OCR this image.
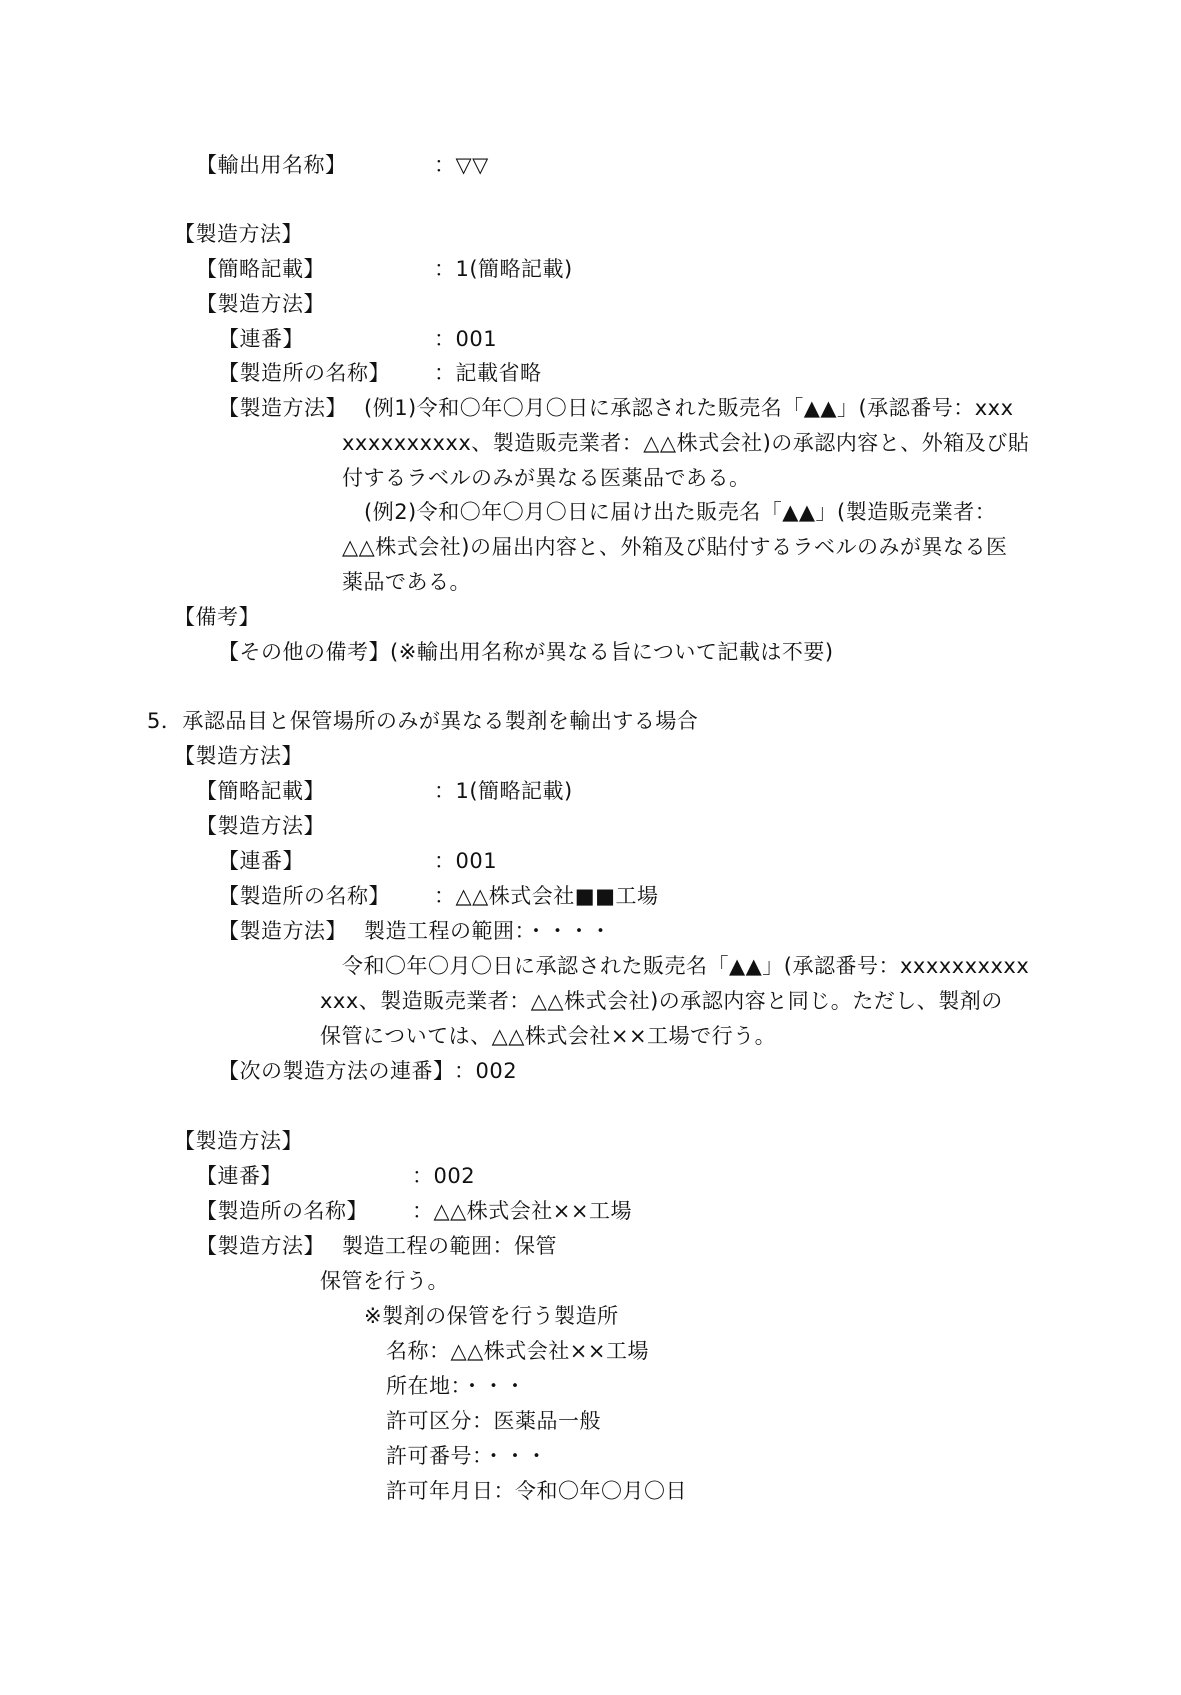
【輸出用名称】	：▽▽
【製造方法】
【簡略記載】	：1(簡略記載)
【製造方法】
【連番】	：001
【製造所の名称】 ：記載省略
【製造方法】 (例1)令和〇年〇月〇日に承認された販売名「▲▲」(承認番号：xxx
xxxxxxxxxx、製造販売業者：△△株式会社)の承認内容と、外箱及び貼
付するラベルのみが異なる医薬品である。
(例2)令和〇年〇月〇日に届け出た販売名「▲▲」(製造販売業者：
△△株式会社)の届出内容と、外箱及び貼付するラベルのみが異なる医
薬品である。
【備考】
【その他の備考】(※輸出用名称が異なる旨について記載は不要)
5．承認品目と保管場所のみが異なる製剤を輸出する場合
【製造方法】
【簡略記載】	：1(簡略記載)
【製造方法】
【連番】	：001
【製造所の名称】 ：△△株式会社■■工場
【製造方法】 製造工程の範囲：・・・・
令和〇年〇月〇日に承認された販売名「▲▲」(承認番号：xxxxxxxxxx
xxx、製造販売業者：△△株式会社)の承認内容と同じ。ただし、製剤の
保管については、△△株式会社××工場で行う。
【次の製造方法の連番】 ：002
【製造方法】
【連番】	：002
【製造所の名称】 ：△△株式会社××工場
【製造方法】 製造工程の範囲：保管
保管を行う。
※製剤の保管を行う製造所
名称：△△株式会社××工場
所在地：・・・
許可区分：医薬品一般
許可番号：・・・
許可年月日：令和〇年〇月〇日
